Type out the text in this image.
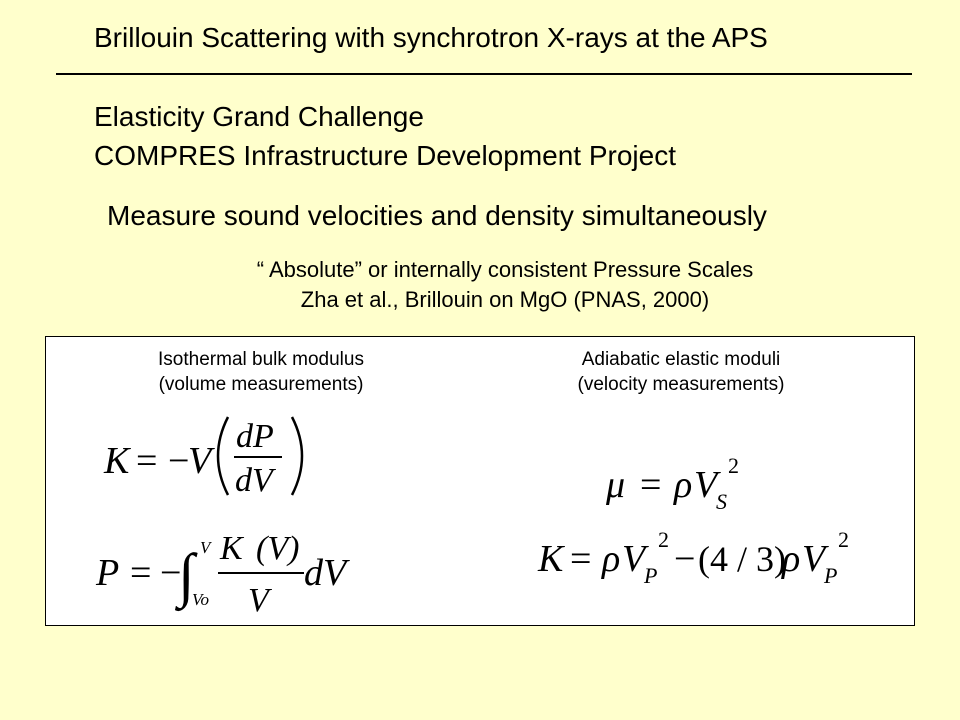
Brillouin Scattering with synchrotron X-rays at the APS
Elasticity Grand Challenge
COMPRES Infrastructure Development Project
Measure sound velocities and density simultaneously
“ Absolute” or internally consistent Pressure Scales
Zha et al., Brillouin on MgO (PNAS, 2000)
Isothermal bulk modulus
(volume measurements)
Adiabatic elastic moduli
(velocity measurements)
K = −
V
dP
dV
P = −
∫ V
Vo
K (V)
V
dV
μ = ρ V
S
2
K = ρ V
P
2 − (4 / 3)
ρ V
P
2
